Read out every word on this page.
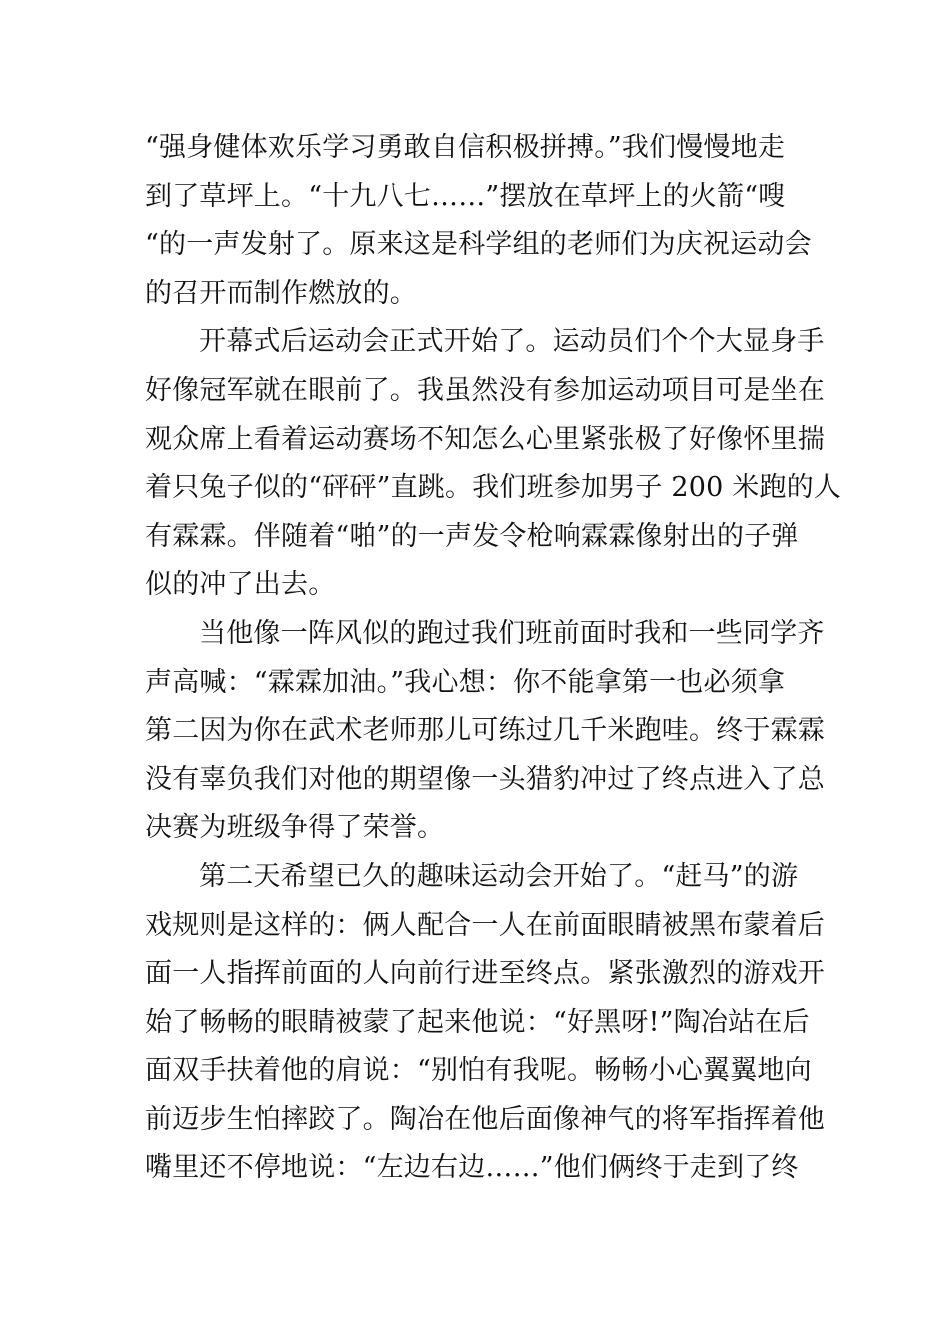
“强身健体欢乐学习勇敢自信积极拼搏。”我们慢慢地走
到了草坪上。“十九八七……”摆放在草坪上的火箭“嗖
“的一声发射了。原来这是科学组的老师们为庆祝运动会
的召开而制作燃放的。
开幕式后运动会正式开始了。运动员们个个大显身手
好像冠军就在眼前了。我虽然没有参加运动项目可是坐在
观众席上看着运动赛场不知怎么心里紧张极了好像怀里揣
着只兔子似的“砰砰”直跳。我们班参加男子 200 米跑的人
有霖霖。伴随着“啪”的一声发令枪响霖霖像射出的子弹
似的冲了出去。
当他像一阵风似的跑过我们班前面时我和一些同学齐
声高喊：“霖霖加油。”我心想：你不能拿第一也必须拿
第二因为你在武术老师那儿可练过几千米跑哇。终于霖霖
没有辜负我们对他的期望像一头猎豹冲过了终点进入了总
决赛为班级争得了荣誉。
第二天希望已久的趣味运动会开始了。“赶马”的游
戏规则是这样的：俩人配合一人在前面眼睛被黑布蒙着后
面一人指挥前面的人向前行进至终点。紧张激烈的游戏开
始了畅畅的眼睛被蒙了起来他说：“好黑呀!”陶冶站在后
面双手扶着他的肩说：“别怕有我呢。畅畅小心翼翼地向
前迈步生怕摔跤了。陶冶在他后面像神气的将军指挥着他
嘴里还不停地说：“左边右边……”他们俩终于走到了终
